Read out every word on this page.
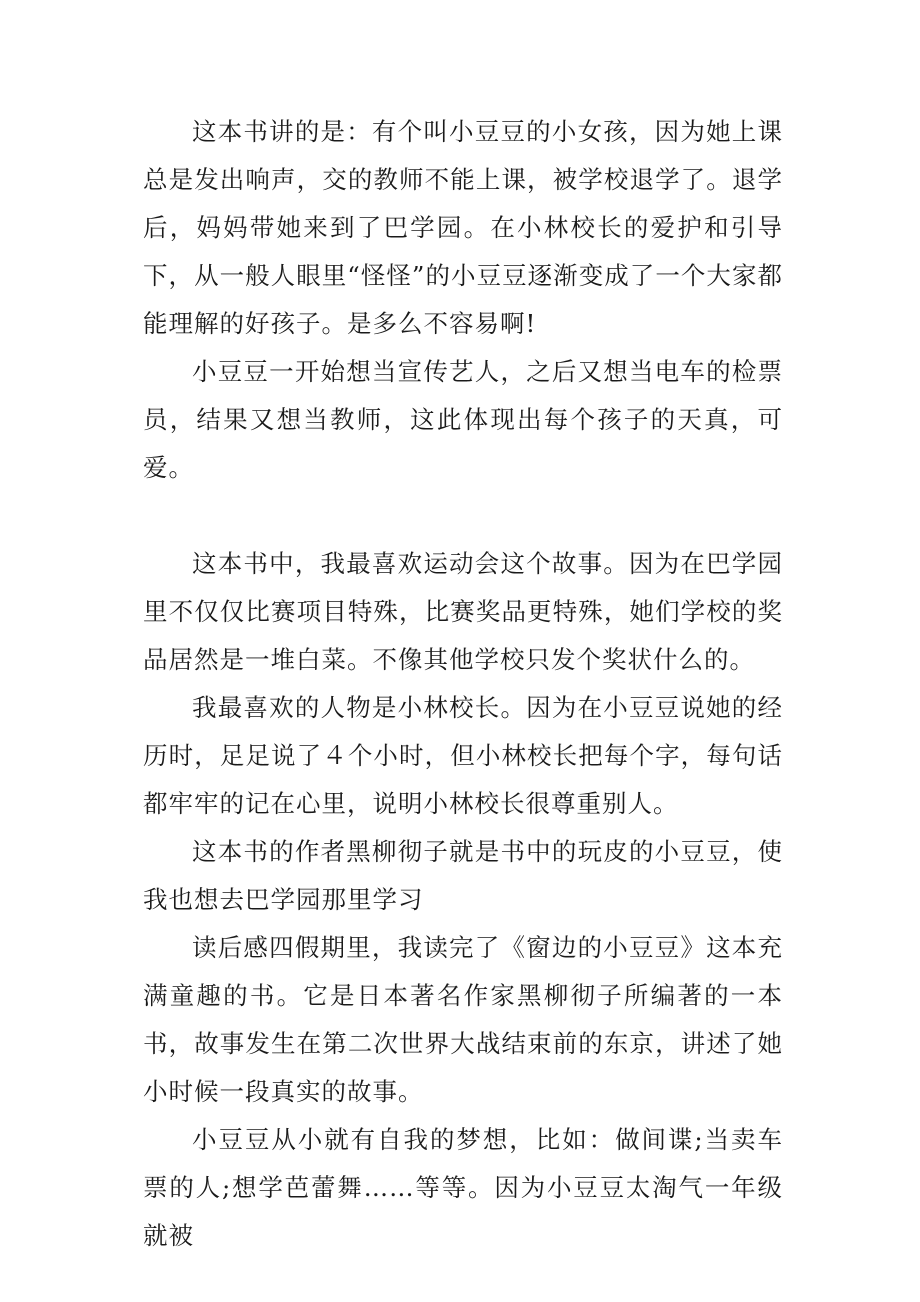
这本书讲的是：有个叫小豆豆的小女孩，因为她上课总是发出响声，交的教师不能上课，被学校退学了。退学后，妈妈带她来到了巴学园。在小林校长的爱护和引导下，从一般人眼里“怪怪”的小豆豆逐渐变成了一个大家都能理解的好孩子。是多么不容易啊!

小豆豆一开始想当宣传艺人，之后又想当电车的检票员，结果又想当教师，这此体现出每个孩子的天真，可爱。

这本书中，我最喜欢运动会这个故事。因为在巴学园里不仅仅比赛项目特殊，比赛奖品更特殊，她们学校的奖品居然是一堆白菜。不像其他学校只发个奖状什么的。

我最喜欢的人物是小林校长。因为在小豆豆说她的经历时，足足说了４个小时，但小林校长把每个字，每句话都牢牢的记在心里，说明小林校长很尊重别人。

这本书的作者黑柳彻子就是书中的玩皮的小豆豆，使我也想去巴学园那里学习

读后感四假期里，我读完了《窗边的小豆豆》这本充满童趣的书。它是日本著名作家黑柳彻子所编著的一本书，故事发生在第二次世界大战结束前的东京，讲述了她小时候一段真实的故事。

小豆豆从小就有自我的梦想，比如：做间谍;当卖车票的人;想学芭蕾舞……等等。因为小豆豆太淘气一年级就被
